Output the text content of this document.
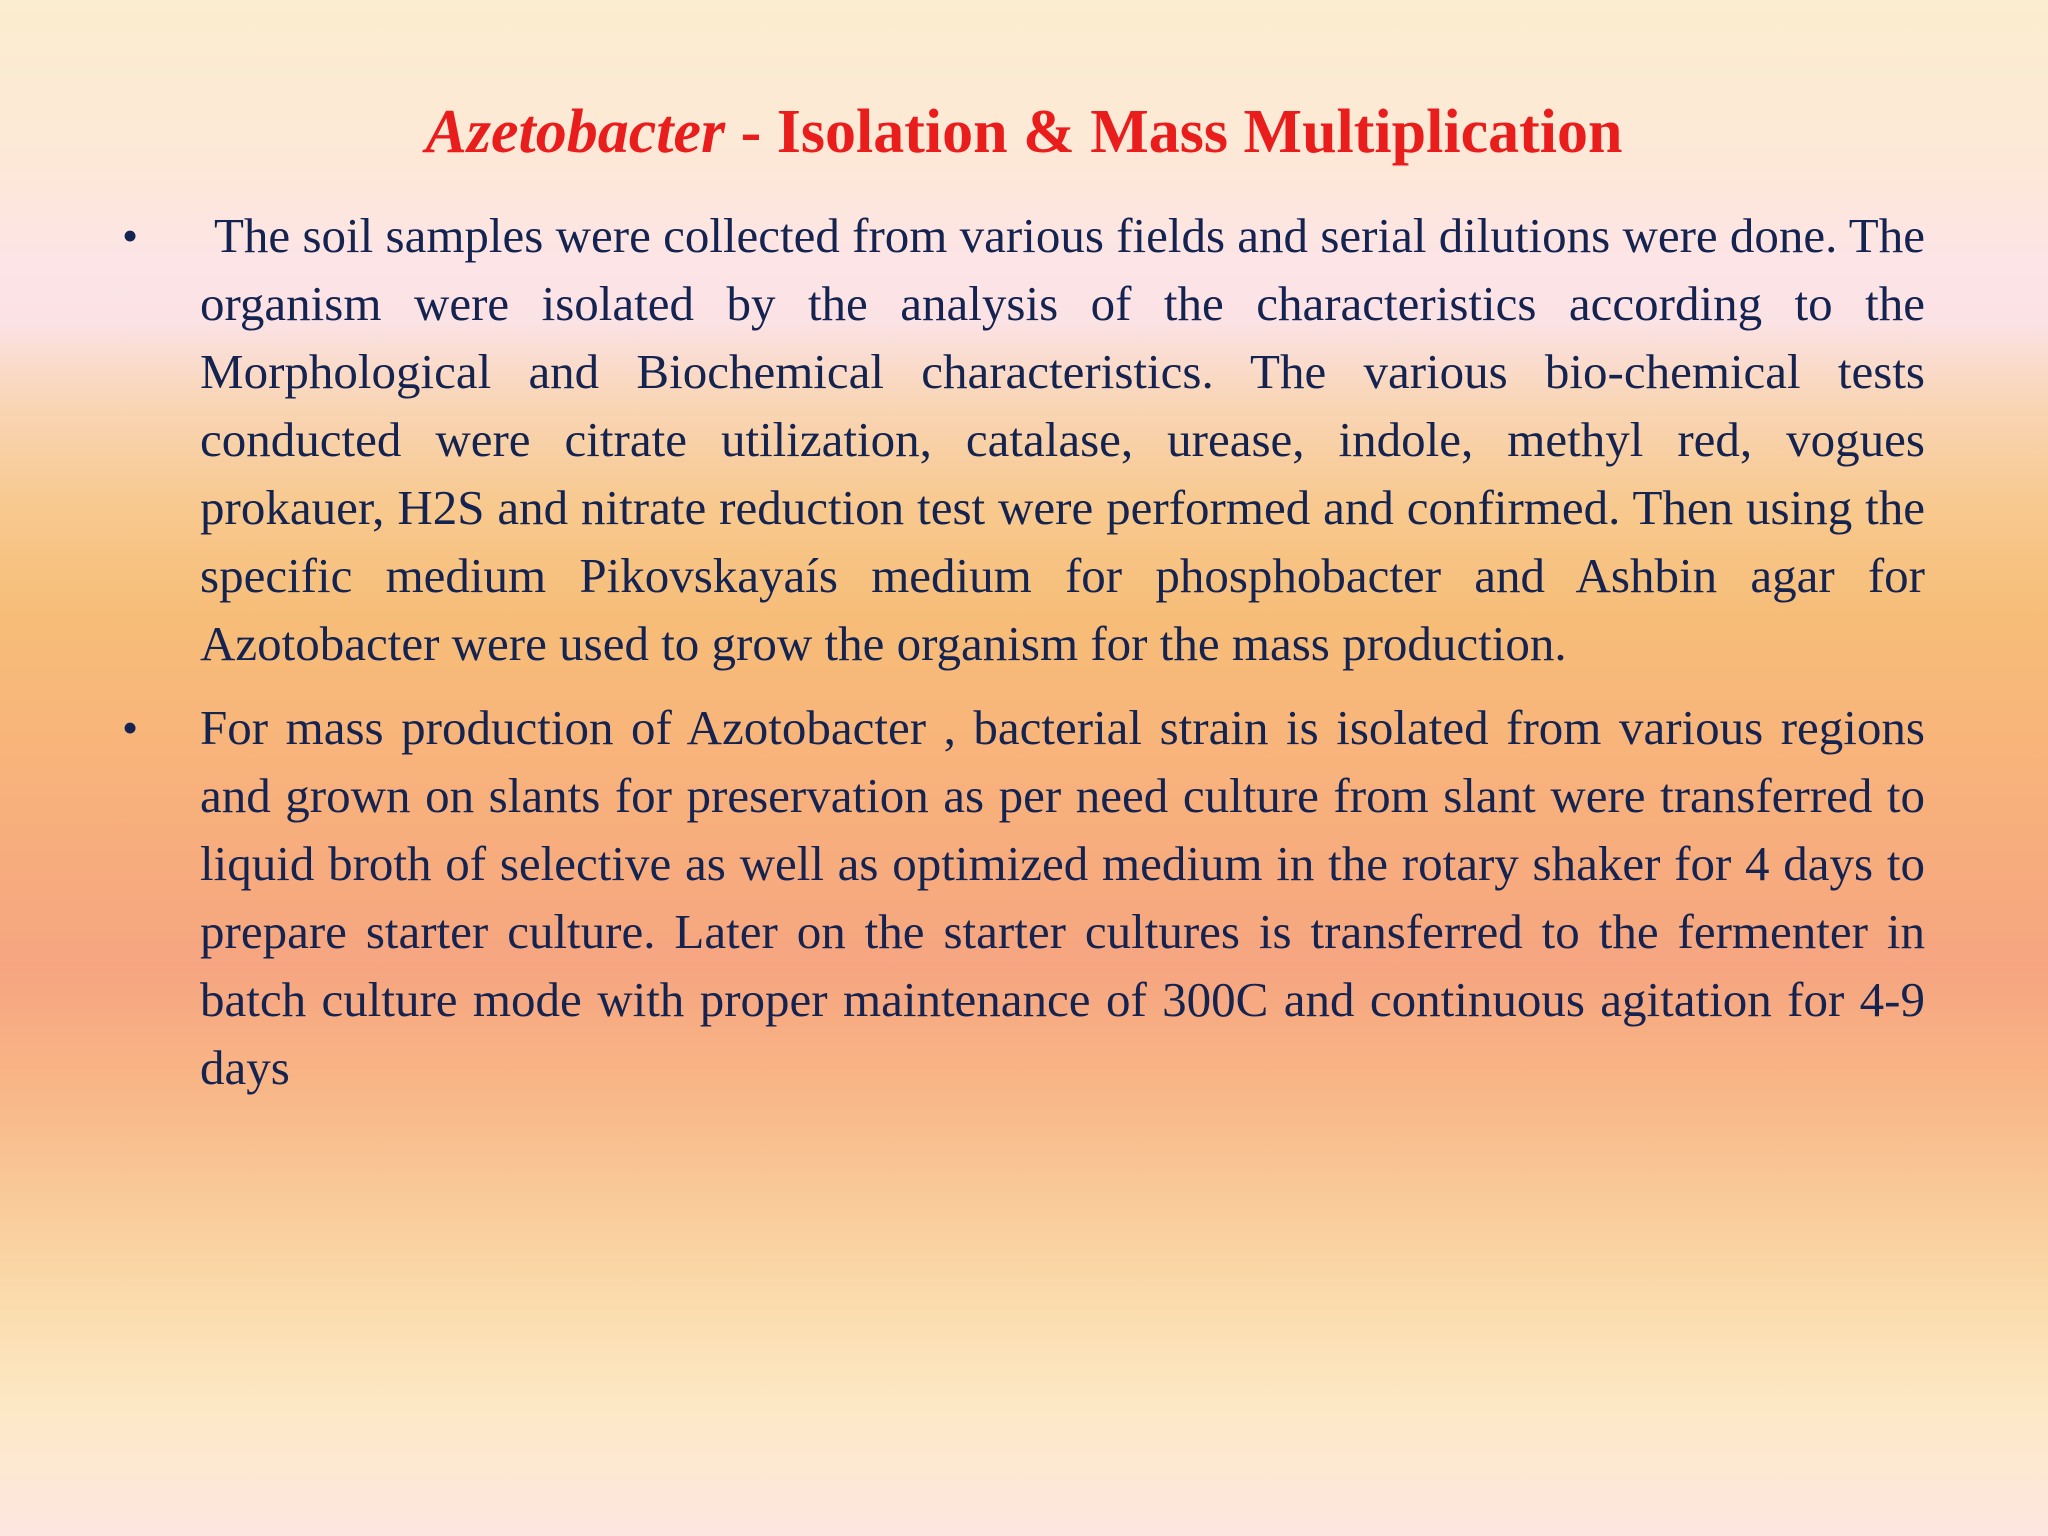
Azetobacter - Isolation & Mass Multiplication
• The soil samples were collected from various fields and serial dilutions were done. The organism were isolated by the analysis of the characteristics according to the Morphological and Biochemical characteristics. The various bio-chemical tests conducted were citrate utilization, catalase, urease, indole, methyl red, vogues prokauer, H2S and nitrate reduction test were performed and confirmed. Then using the specific medium Pikovskayaís medium for phosphobacter and Ashbin agar for Azotobacter were used to grow the organism for the mass production.
• For mass production of Azotobacter , bacterial strain is isolated from various regions and grown on slants for preservation as per need culture from slant were transferred to liquid broth of selective as well as optimized medium in the rotary shaker for 4 days to prepare starter culture. Later on the starter cultures is transferred to the fermenter in batch culture mode with proper maintenance of 300C and continuous agitation for 4-9 days
